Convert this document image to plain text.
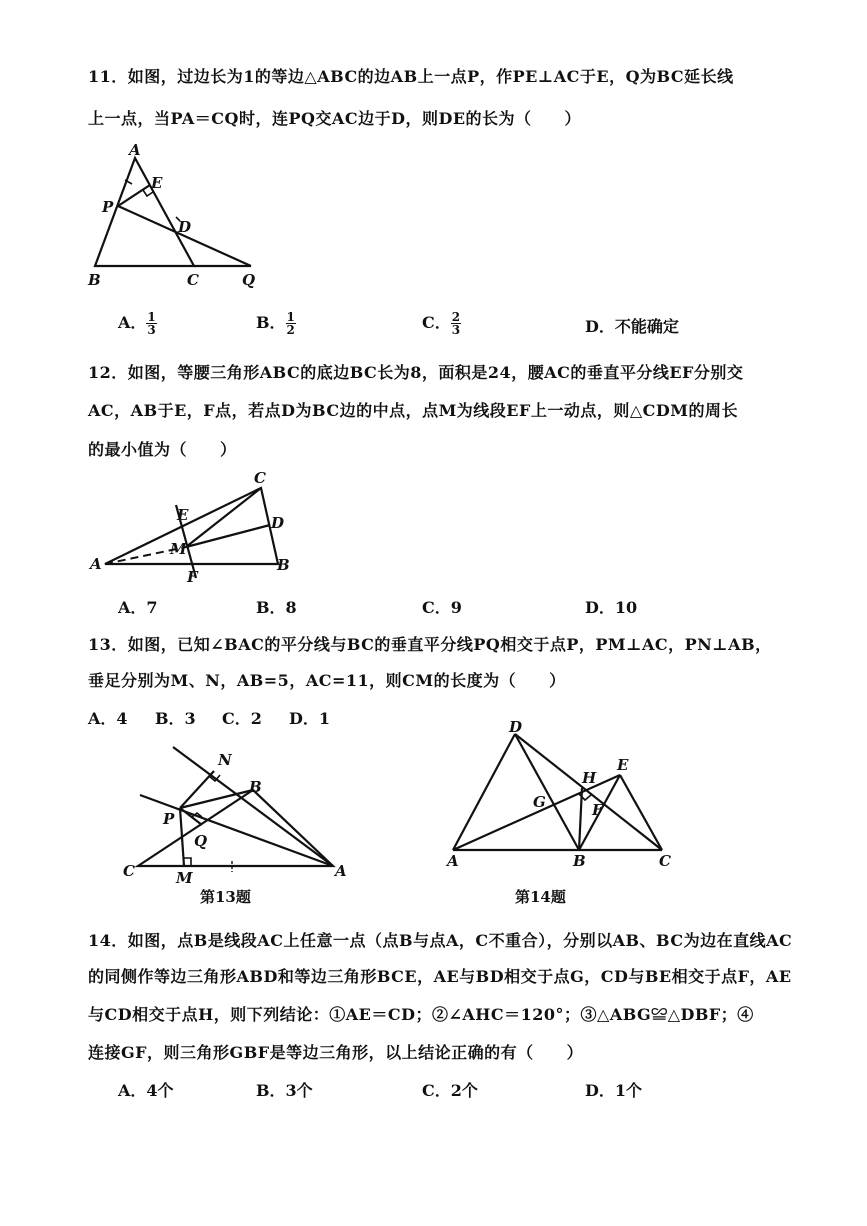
11．如图，过边长为1的等边△ABC的边AB上一点P，作PE⊥AC于E，Q为BC延长线
上一点，当PA＝CQ时，连PQ交AC边于D，则DE的长为（　　）
A
E
P
D
B	C	Q
A． $\frac{1}{3}$	B． $\frac{1}{2}$	C． $\frac{2}{3}$	D．不能确定
12．如图，等腰三角形ABC的底边BC长为8，面积是24，腰AC的垂直平分线EF分别交
AC，AB于E，F点，若点D为BC边的中点，点M为线段EF上一动点，则△CDM的周长
的最小值为（　　）
C
E	D
M
A
F
B
A．7	B．8	C．9	D．10
13．如图，已知∠BAC的平分线与BC的垂直平分线PQ相交于点P，PM⊥AC，PN⊥AB，
垂足分别为M、N，AB=5，AC=11，则CM的长度为（　　）
A．4 B．3 C．2 D．1
N
B
P
Q
C	M	A
第13题
D
E
H
G	F
A	B	C
第14题
14．如图，点B是线段AC上任意一点（点B与点A，C不重合），分别以AB、BC为边在直线AC
的同侧作等边三角形ABD和等边三角形BCE，AE与BD相交于点G，CD与BE相交于点F，AE
与CD相交于点H，则下列结论：①AE＝CD；②∠AHC＝120°；③△ABG≌△DBF；④
连接GF，则三角形GBF是等边三角形，以上结论正确的有（　　）
A．4个	B．3个	C．2个	D．1个
